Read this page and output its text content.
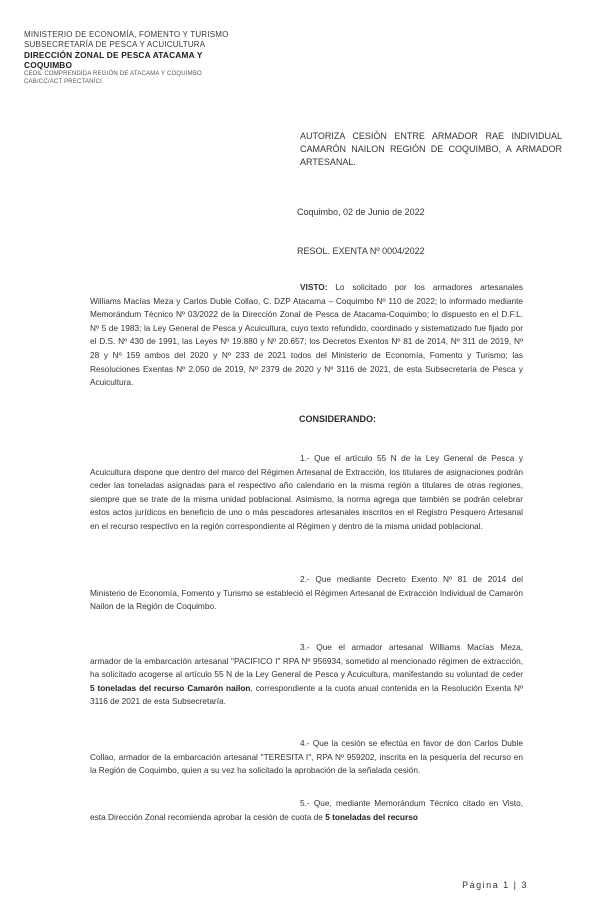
MINISTERIO DE ECONOMÍA, FOMENTO Y TURISMO
SUBSECRETARÍA DE PESCA Y ACUICULTURA
DIRECCIÓN ZONAL DE PESCA ATACAMA Y
COQUIMBO
CEDIL COMPRENDIDA REGIÓN DE ATACAMA Y COQUIMBO
CAB/CC/ACT PRECTANÍCI
AUTORIZA CESIÓN ENTRE ARMADOR RAE INDIVIDUAL CAMARÓN NAILON REGIÓN DE COQUIMBO, A ARMADOR ARTESANAL.
Coquimbo, 02 de Junio de 2022
RESOL. EXENTA Nº 0004/2022
VISTO: Lo solicitado por los armadores artesanales Williams Macías Meza y Carlos Duble Collao, C. DZP Atacama – Coquimbo Nº 110 de 2022; lo informado mediante Memorándum Técnico Nº 03/2022 de la Dirección Zonal de Pesca de Atacama-Coquimbo; lo dispuesto en el D.F.L. Nº 5 de 1983; la Ley General de Pesca y Acuicultura, cuyo texto refundido, coordinado y sistematizado fue fijado por el D.S. Nº 430 de 1991, las Leyes Nº 19.880 y Nº 20.657; los Decretos Exentos Nº 81 de 2014, Nº 311 de 2019, Nº 28 y Nº 159 ambos del 2020 y Nº 233 de 2021 todos del Ministerio de Economía, Fomento y Turismo; las Resoluciones Exentas Nº 2.050 de 2019, Nº 2379 de 2020 y Nº 3116 de 2021, de esta Subsecretaría de Pesca y Acuicultura.
CONSIDERANDO:
1.- Que el artículo 55 N de la Ley General de Pesca y Acuicultura dispone que dentro del marco del Régimen Artesanal de Extracción, los titulares de asignaciones podrán ceder las toneladas asignadas para el respectivo año calendario en la misma región a titulares de otras regiones, siempre que se trate de la misma unidad poblacional. Asimismo, la norma agrega que también se podrán celebrar estos actos jurídicos en beneficio de uno o más pescadores artesanales inscritos en el Registro Pesquero Artesanal en el recurso respectivo en la región correspondiente al Régimen y dentro de la misma unidad poblacional.
2.- Que mediante Decreto Exento Nº 81 de 2014 del Ministerio de Economía, Fomento y Turismo se estableció el Régimen Artesanal de Extracción Individual de Camarón Nailon de la Región de Coquimbo.
3.- Que el armador artesanal Williams Macías Meza, armador de la embarcación artesanal "PACIFICO I" RPA Nº 956934, sometido al mencionado régimen de extracción, ha solicitado acogerse al artículo 55 N de la Ley General de Pesca y Acuicultura, manifestando su voluntad de ceder 5 toneladas del recurso Camarón nailon, correspondiente a la cuota anual contenida en la Resolución Exenta Nº 3116 de 2021 de esta Subsecretaría.
4.- Que la cesión se efectúa en favor de don Carlos Duble Collao, armador de la embarcación artesanal "TERESITA I", RPA Nº 959202, inscrita en la pesquería del recurso en la Región de Coquimbo, quien a su vez ha solicitado la aprobación de la señalada cesión.
5.- Que, mediante Memorándum Técnico citado en Visto, esta Dirección Zonal recomienda aprobar la cesión de cuota de 5 toneladas del recurso
Página 1 | 3
